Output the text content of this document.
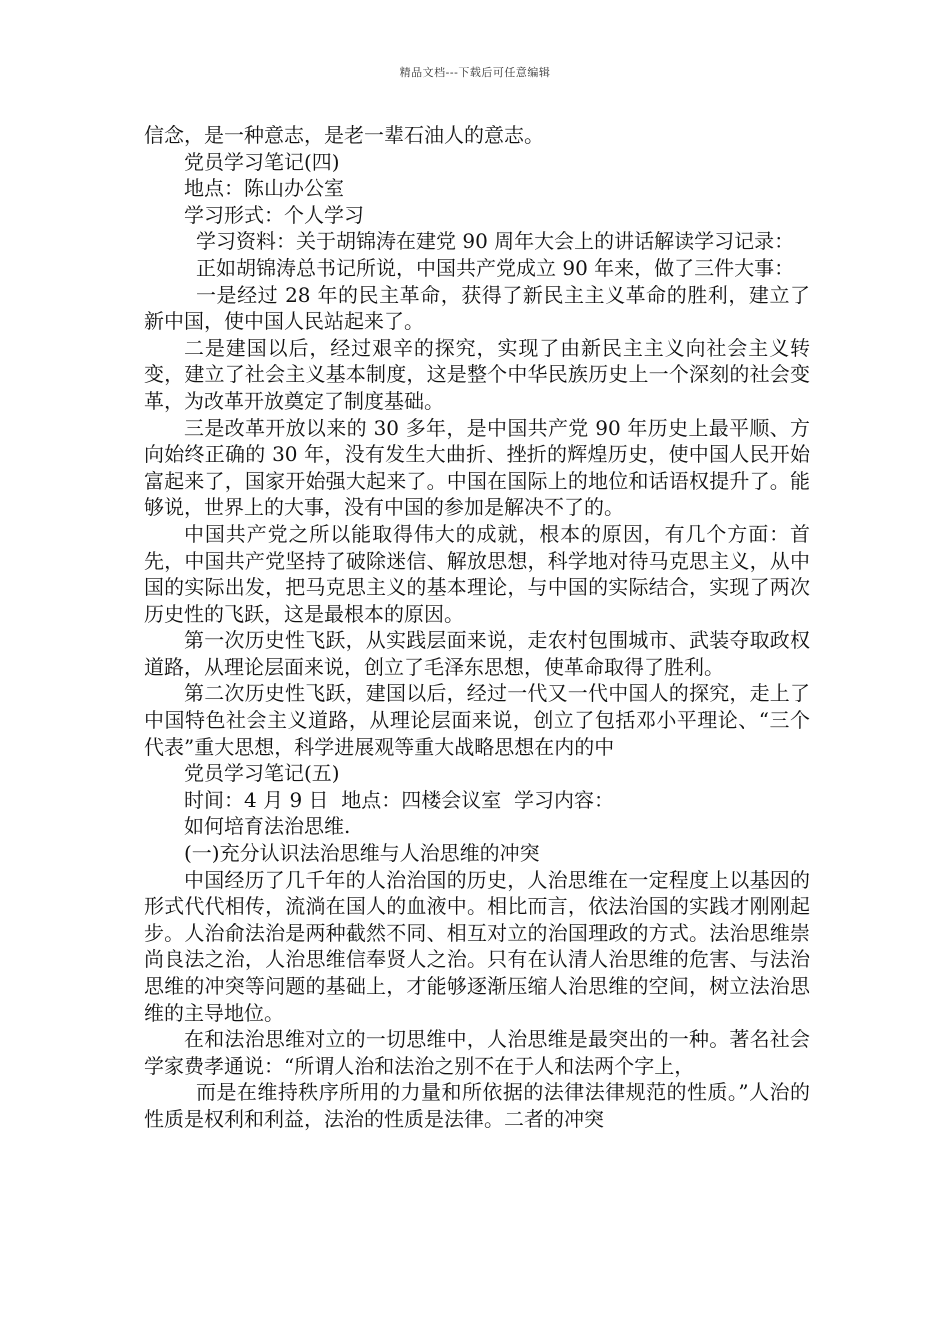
精品文档---下载后可任意编辑

信念，是一种意志，是老一辈石油人的意志。

党员学习笔记(四)

地点：陈山办公室

学习形式：个人学习

学习资料：关于胡锦涛在建党 90 周年大会上的讲话解读学习记录：

正如胡锦涛总书记所说，中国共产党成立 90 年来，做了三件大事：

一是经过 28 年的民主革命，获得了新民主主义革命的胜利，建立了新中国，使中国人民站起来了。

二是建国以后，经过艰辛的探究，实现了由新民主主义向社会主义转变，建立了社会主义基本制度，这是整个中华民族历史上一个深刻的社会变革，为改革开放奠定了制度基础。

三是改革开放以来的 30 多年，是中国共产党 90 年历史上最平顺、方向始终正确的 30 年，没有发生大曲折、挫折的辉煌历史，使中国人民开始富起来了，国家开始强大起来了。中国在国际上的地位和话语权提升了。能够说，世界上的大事，没有中国的参加是解决不了的。

中国共产党之所以能取得伟大的成就，根本的原因，有几个方面：首先，中国共产党坚持了破除迷信、解放思想，科学地对待马克思主义，从中国的实际出发，把马克思主义的基本理论，与中国的实际结合，实现了两次历史性的飞跃，这是最根本的原因。

第一次历史性飞跃，从实践层面来说，走农村包围城市、武装夺取政权道路，从理论层面来说，创立了毛泽东思想，使革命取得了胜利。

第二次历史性飞跃，建国以后，经过一代又一代中国人的探究，走上了中国特色社会主义道路，从理论层面来说，创立了包括邓小平理论、“三个代表”重大思想，科学进展观等重大战略思想在内的中

党员学习笔记(五)

时间：4 月 9 日  地点：四楼会议室  学习内容：

如何培育法治思维.

(一)充分认识法治思维与人治思维的冲突

中国经历了几千年的人治治国的历史，人治思维在一定程度上以基因的形式代代相传，流淌在国人的血液中。相比而言，依法治国的实践才刚刚起步。人治俞法治是两种截然不同、相互对立的治国理政的方式。法治思维崇尚良法之治，人治思维信奉贤人之治。只有在认清人治思维的危害、与法治思维的冲突等问题的基础上，才能够逐渐压缩人治思维的空间，树立法治思维的主导地位。

在和法治思维对立的一切思维中，人治思维是最突出的一种。著名社会学家费孝通说：“所谓人治和法治之别不在于人和法两个字上，

而是在维持秩序所用的力量和所依据的法律法律规范的性质。”人治的性质是权利和利益，法治的性质是法律。二者的冲突
